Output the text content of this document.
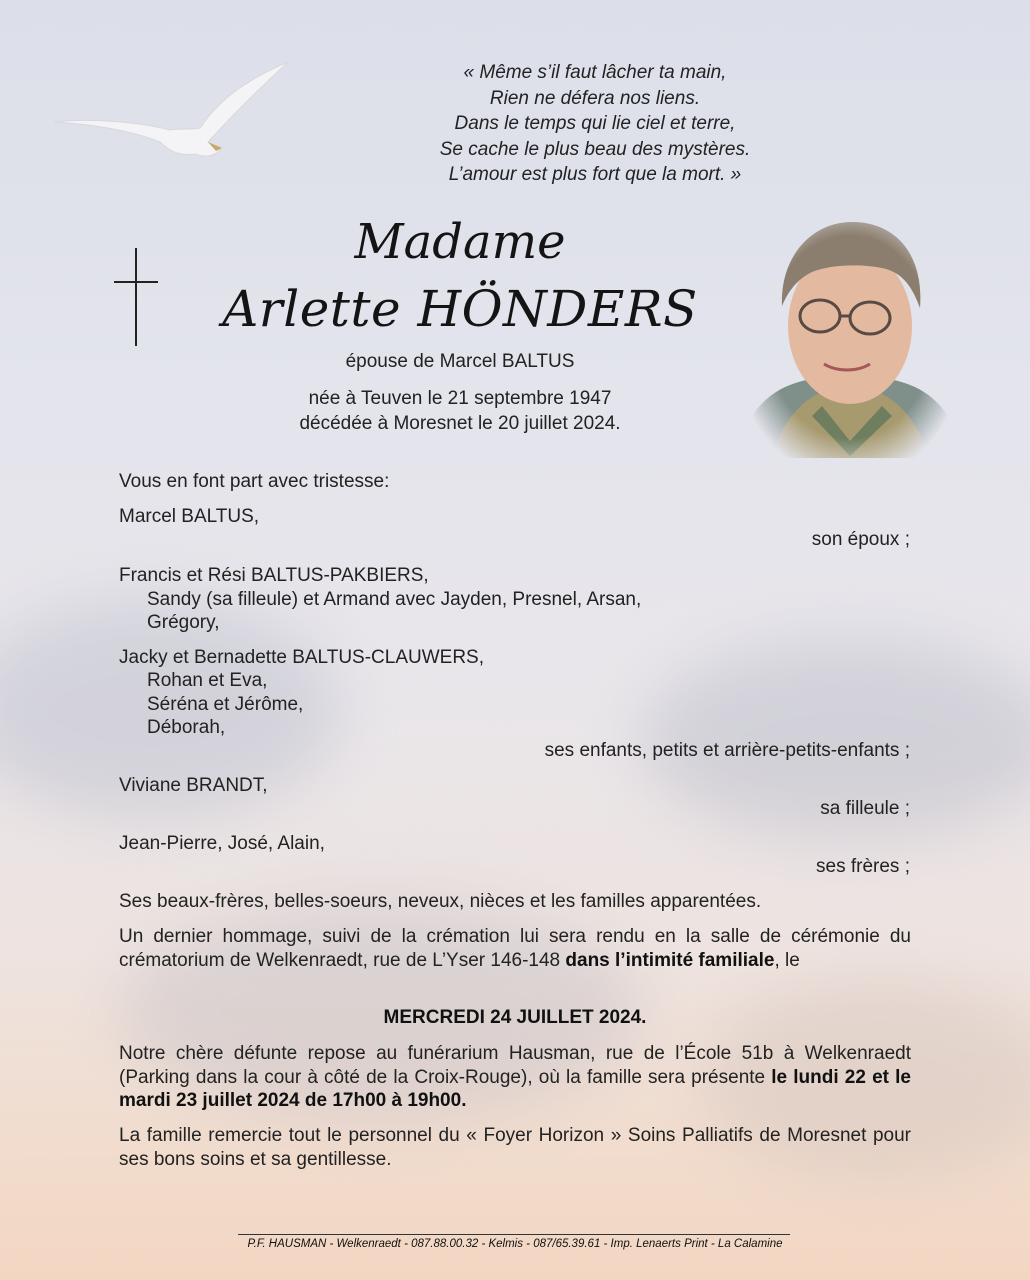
« Même s’il faut lâcher ta main,
Rien ne défera nos liens.
Dans le temps qui lie ciel et terre,
Se cache le plus beau des mystères.
L’amour est plus fort que la mort. »
Madame
Arlette HÖNDERS
épouse de Marcel BALTUS
née à Teuven le 21 septembre 1947
décédée à Moresnet le 20 juillet 2024.
Vous en font part avec tristesse:
Marcel BALTUS,
son époux ;
Francis et Rési BALTUS-PAKBIERS,
Sandy (sa filleule) et Armand avec Jayden, Presnel, Arsan,
Grégory,
Jacky et Bernadette BALTUS-CLAUWERS,
Rohan et Eva,
Séréna et Jérôme,
Déborah,
ses enfants, petits et arrière-petits-enfants ;
Viviane BRANDT,
sa filleule ;
Jean-Pierre, José, Alain,
ses frères ;
Ses beaux-frères, belles-soeurs, neveux, nièces et les familles apparentées.
Un dernier hommage, suivi de la crémation lui sera rendu en la salle de cérémonie du crématorium de Welkenraedt, rue de L’Yser 146-148 dans l’intimité familiale, le
MERCREDI 24 JUILLET 2024.
Notre chère défunte repose au funérarium Hausman, rue de l’École 51b à Welkenraedt (Parking dans la cour à côté de la Croix-Rouge), où la famille sera présente le lundi 22 et le mardi 23 juillet 2024 de 17h00 à 19h00.
La famille remercie tout le personnel du « Foyer Horizon » Soins Palliatifs de Moresnet pour ses bons soins et sa gentillesse.
P.F. HAUSMAN - Welkenraedt - 087.88.00.32 - Kelmis - 087/65.39.61 - Imp. Lenaerts Print - La Calamine
